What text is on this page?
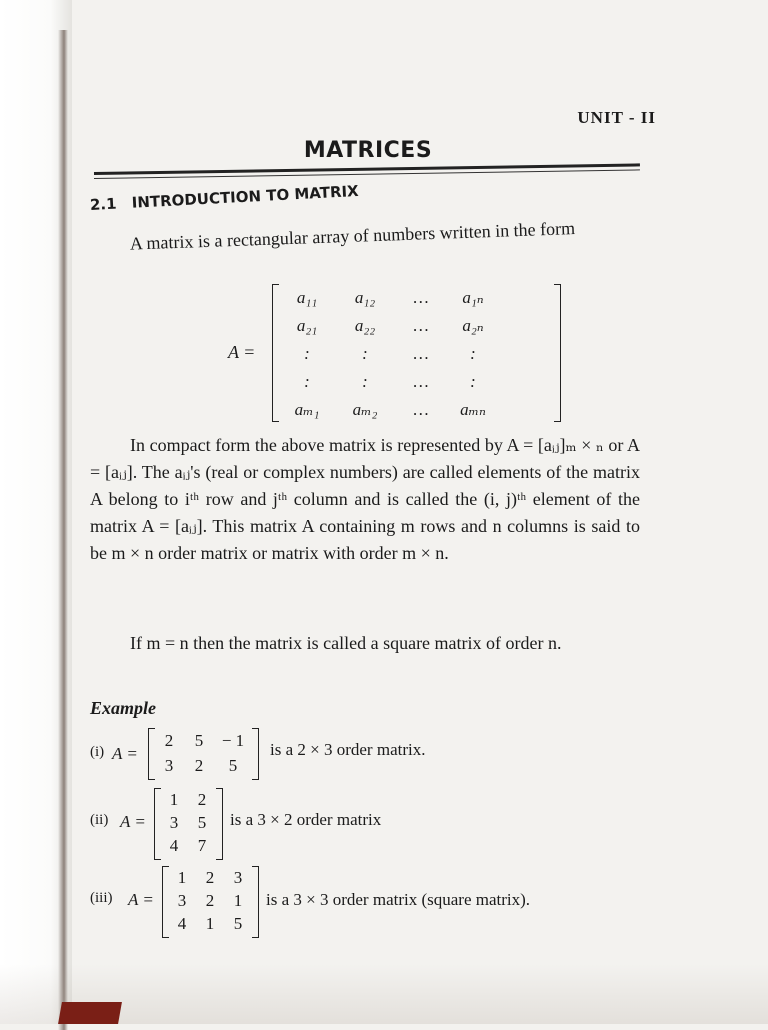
UNIT - II
MATRICES
2.1 INTRODUCTION TO MATRIX
A matrix is a rectangular array of numbers written in the form
A =
a₁₁	a₁₂	…	a₁ₙ
a₂₁	a₂₂	…	a₂ₙ
:	:	…	:
:	:	…	:
aₘ₁	aₘ₂	…	aₘₙ
In compact form the above matrix is represented by A = [aᵢⱼ]ₘ × ₙ or A = [aᵢⱼ]. The aᵢⱼ's (real or complex numbers) are called elements of the matrix A belong to iᵗʰ row and jᵗʰ column and is called the (i, j)ᵗʰ element of the matrix A = [aᵢⱼ]. This matrix A containing m rows and n columns is said to be m × n order matrix or matrix with order m × n.
If m = n then the matrix is called a square matrix of order n.
Example
(i) A =
2	5	− 1
3	2	5
is a 2 × 3 order matrix.
(ii) A =
1	2
3	5
4	7
is a 3 × 2 order matrix
(iii) A =
1	2	3
3	2	1
4	1	5
is a 3 × 3 order matrix (square matrix).
